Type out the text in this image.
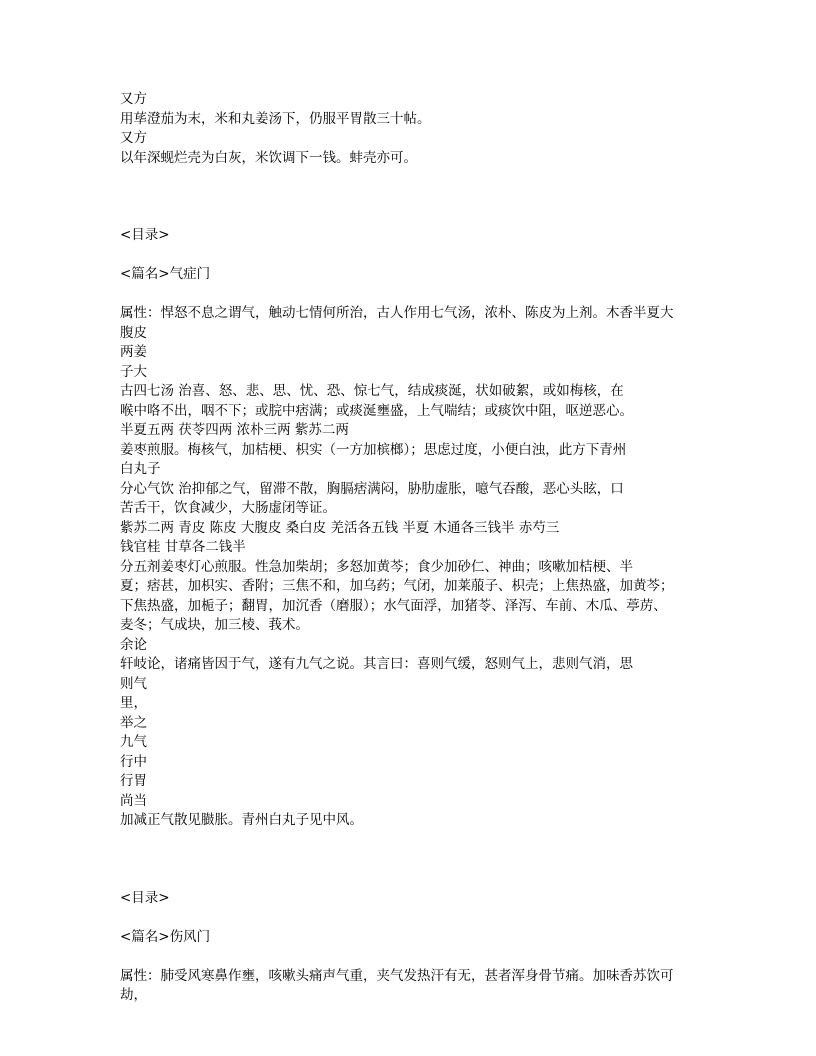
又方
用荜澄茄为末，米和丸姜汤下，仍服平胃散三十帖。
又方
以年深蚬烂壳为白灰，米饮调下一钱。蚌壳亦可。
<目录>
<篇名>气症门
属性：悍怒不息之谓气，触动七情何所治，古人作用七气汤，浓朴、陈皮为上剂。木香半夏大
腹皮
两姜
子大
古四七汤 治喜、怒、悲、思、忧、恐、惊七气，结成痰涎，状如破絮，或如梅核，在
喉中咯不出，咽不下；或脘中痞满；或痰涎壅盛，上气喘结；或痰饮中阻，呕逆恶心。
半夏五两 茯苓四两 浓朴三两 紫苏二两
姜枣煎服。梅核气，加桔梗、枳实（一方加槟榔）；思虑过度，小便白浊，此方下青州
白丸子
分心气饮 治抑郁之气，留滞不散，胸膈痞满闷，胁肋虚胀，噫气吞酸，恶心头眩，口
苦舌干，饮食减少，大肠虚闭等证。
紫苏二两 青皮 陈皮 大腹皮 桑白皮 羌活各五钱 半夏 木通各三钱半 赤芍三
钱官桂 甘草各二钱半
分五剂姜枣灯心煎服。性急加柴胡；多怒加黄芩；食少加砂仁、神曲；咳嗽加桔梗、半
夏；痞甚，加枳实、香附；三焦不和，加乌药；气闭，加莱菔子、枳壳；上焦热盛，加黄芩；
下焦热盛，加栀子；翻胃，加沉香（磨服）；水气面浮，加猪苓、泽泻、车前、木瓜、葶苈、
麦冬；气成块，加三棱、莪术。
余论
轩岐论，诸痛皆因于气，遂有九气之说。其言曰：喜则气缓，怒则气上，悲则气消，思
则气
里，
举之
九气
行中
行胃
尚当
加减正气散见臌胀。青州白丸子见中风。
<目录>
<篇名>伤风门
属性：肺受风寒鼻作壅，咳嗽头痛声气重，夹气发热汗有无，甚者浑身骨节痛。加味香苏饮可劫，
